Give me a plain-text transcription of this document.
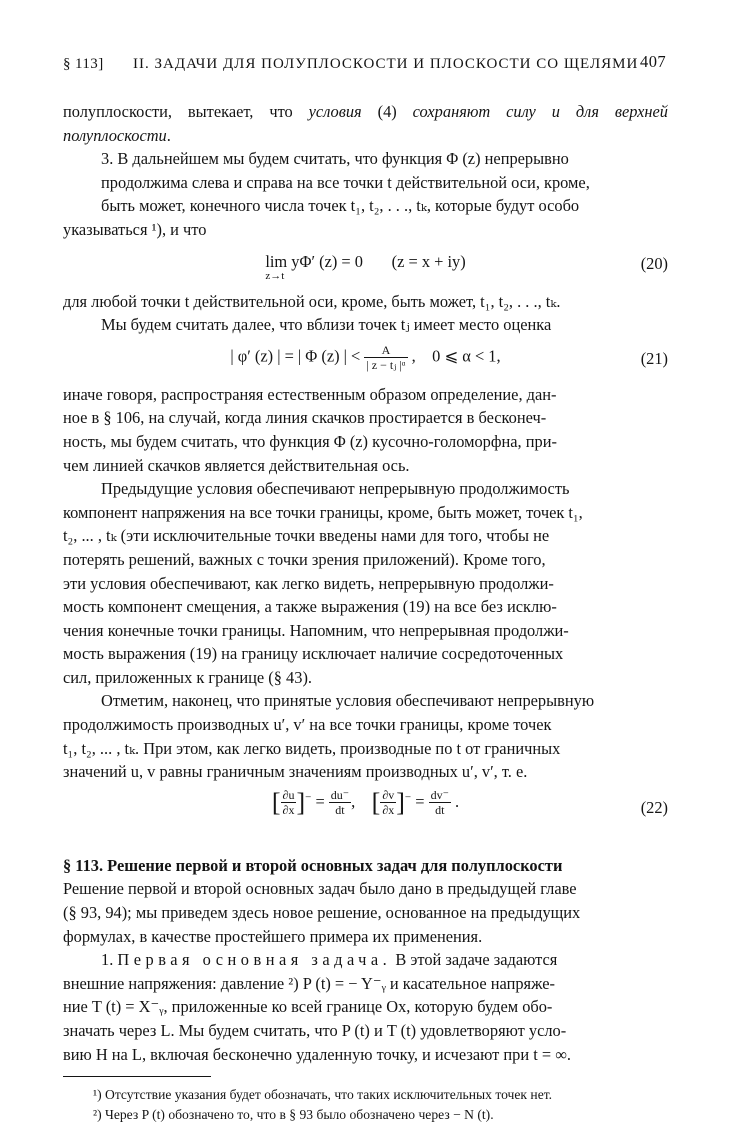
§ 113] II. ЗАДАЧИ ДЛЯ ПОЛУПЛОСКОСТИ И ПЛОСКОСТИ СО ЩЕЛЯМИ 407

полуплоскости, вытекает, что условия (4) сохраняют силу и для верхней полуплоскости.

3. В дальнейшем мы будем считать, что функция Φ (z) непрерывно
продолжима слева и справа на все точки t действительной оси, кроме,
быть может, конечного числа точек t₁, t₂, . . ., tₖ, которые будут особо
указываться ¹), и что

lim
z→t
yΦ′ (z) = 0       (z = x + iy)	(20)

для любой точки t действительной оси, кроме, быть может, t₁, t₂, . . ., tₖ.

Мы будем считать далее, что вблизи точек tⱼ имеет место оценка

| φ′ (z) | = | Φ (z) | < $\frac{A}{\text{| z − tⱼ |ᵅ}}$ ,    0 ⩽ α < 1,	(21)

иначе говоря, распространяя естественным образом определение, дан-
ное в § 106, на случай, когда линия скачков простирается в бесконеч-
ность, мы будем считать, что функция Φ (z) кусочно-голоморфна, при-
чем линией скачков является действительная ось.

Предыдущие условия обеспечивают непрерывную продолжимость
компонент напряжения на все точки границы, кроме, быть может, точек t₁,
t₂, ... , tₖ (эти исключительные точки введены нами для того, чтобы не
потерять решений, важных с точки зрения приложений). Кроме того,
эти условия обеспечивают, как легко видеть, непрерывную продолжи-
мость компонент смещения, а также выражения (19) на все без исклю-
чения конечные точки границы. Напомним, что непрерывная продолжи-
мость выражения (19) на границу исключает наличие сосредоточенных
сил, приложенных к границе (§ 43).

Отметим, наконец, что принятые условия обеспечивают непрерывную
продолжимость производных u′, v′ на все точки границы, кроме точек
t₁, t₂, ... , tₖ. При этом, как легко видеть, производные по t от граничных
значений u, v равны граничным значениям производных u′, v′, т. е.

[ $\frac{\partial u}{\partial x} ]^- = \frac{du^-}{dt}$ ,    [ $\frac{\partial v}{\partial x} ]^- = \frac{dv^-}{dt}$ .	(22)

§ 113. Решение первой и второй основных задач для полуплоскости

Решение первой и второй основных задач было дано в предыдущей главе
(§ 93, 94); мы приведем здесь новое решение, основанное на предыдущих
формулах, в качестве простейшего примера их применения.

1. Первая основная задача. В этой задаче задаются
внешние напряжения: давление ²) P (t) = − Y⁻ᵧ и касательное напряже-
ние T (t) = X⁻ᵧ, приложенные ко всей границе Ox, которую будем обо-
значать через L. Мы будем считать, что P (t) и T (t) удовлетворяют усло-
вию H на L, включая бесконечно удаленную точку, и исчезают при t = ∞.

¹) Отсутствие указания будет обозначать, что таких исключительных точек нет.

²) Через P (t) обозначено то, что в § 93 было обозначено через − N (t).
